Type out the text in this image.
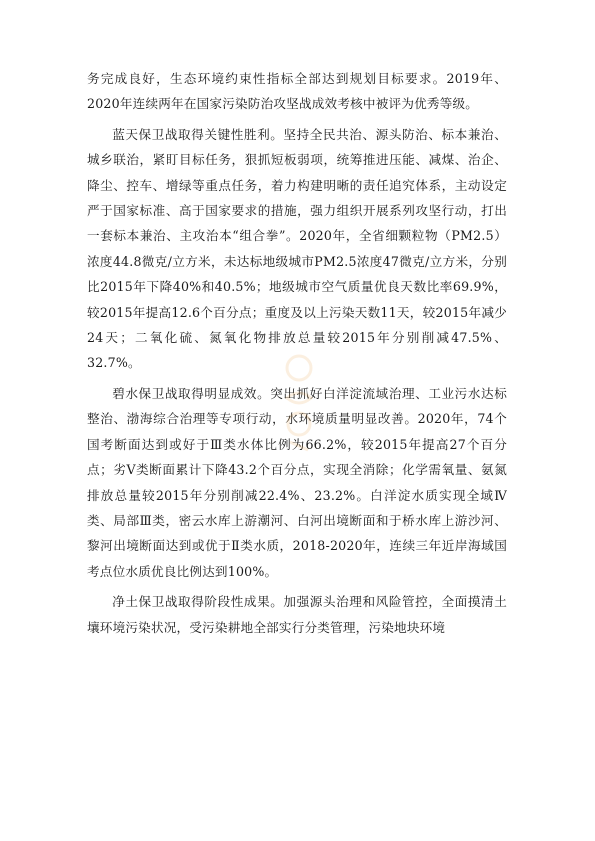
务完成良好，生态环境约束性指标全部达到规划目标要求。2019年、2020年连续两年在国家污染防治攻坚战成效考核中被评为优秀等级。

蓝天保卫战取得关键性胜利。坚持全民共治、源头防治、标本兼治、城乡联治，紧盯目标任务，狠抓短板弱项，统筹推进压能、减煤、治企、降尘、控车、增绿等重点任务，着力构建明晰的责任追究体系，主动设定严于国家标准、高于国家要求的措施，强力组织开展系列攻坚行动，打出一套标本兼治、主攻治本“组合拳”。2020年，全省细颗粒物（PM2.5）浓度44.8微克/立方米，未达标地级城市PM2.5浓度47微克/立方米，分别比2015年下降40%和40.5%；地级城市空气质量优良天数比率69.9%，较2015年提高12.6个百分点；重度及以上污染天数11天，较2015年减少24天；二氧化硫、氮氧化物排放总量较2015年分别削减47.5%、32.7%。

碧水保卫战取得明显成效。突出抓好白洋淀流域治理、工业污水达标整治、渤海综合治理等专项行动，水环境质量明显改善。2020年，74个国考断面达到或好于Ⅲ类水体比例为66.2%，较2015年提高27个百分点；劣Ⅴ类断面累计下降43.2个百分点，实现全消除；化学需氧量、氨氮排放总量较2015年分别削减22.4%、23.2%。白洋淀水质实现全域Ⅳ类、局部Ⅲ类，密云水库上游潮河、白河出境断面和于桥水库上游沙河、黎河出境断面达到或优于Ⅱ类水质，2018-2020年，连续三年近岸海域国考点位水质优良比例达到100%。

净土保卫战取得阶段性成果。加强源头治理和风险管控，全面摸清土壤环境污染状况，受污染耕地全部实行分类管理，污染地块环境
